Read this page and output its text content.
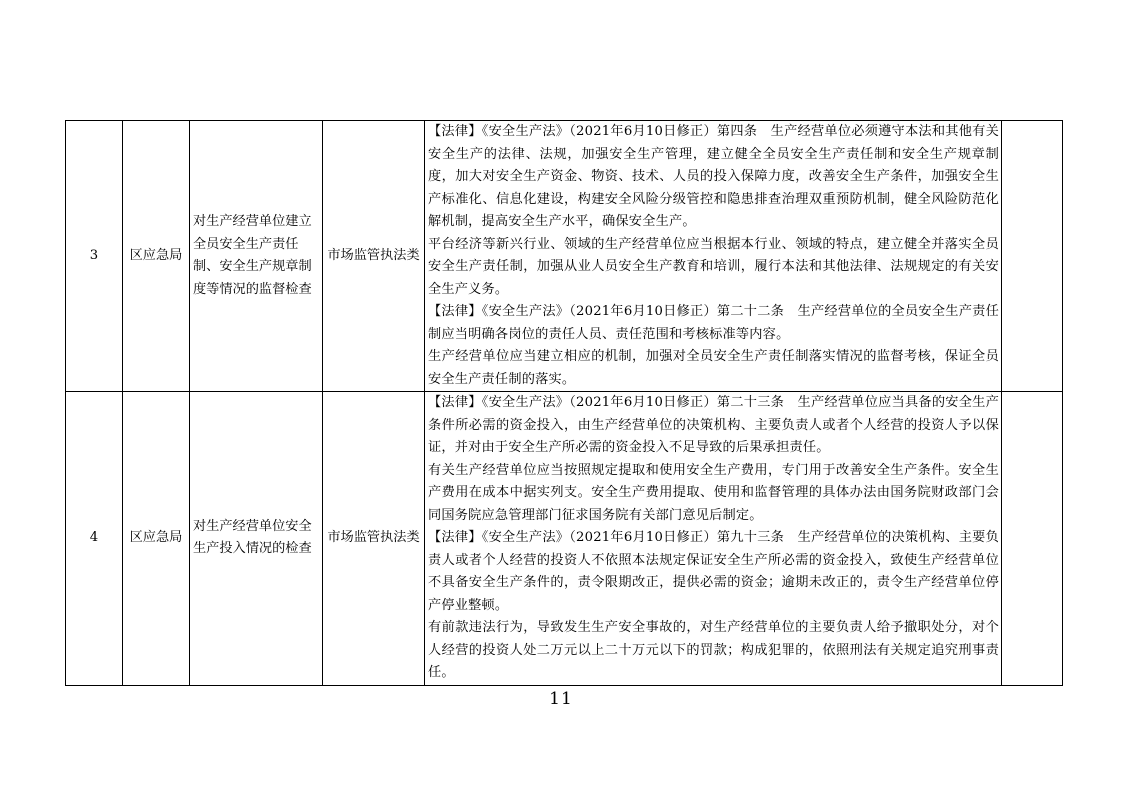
3	区应急局	对生产经营单位建立全员安全生产责任制、安全生产规章制度等情况的监督检查	市场监管执法类	【法律】《安全生产法》（2021年6月10日修正）第四条　生产经营单位必须遵守本法和其他有关安全生产的法律、法规，加强安全生产管理，建立健全全员安全生产责任制和安全生产规章制度，加大对安全生产资金、物资、技术、人员的投入保障力度，改善安全生产条件，加强安全生产标准化、信息化建设，构建安全风险分级管控和隐患排查治理双重预防机制，健全风险防范化解机制，提高安全生产水平，确保安全生产。

平台经济等新兴行业、领域的生产经营单位应当根据本行业、领域的特点，建立健全并落实全员安全生产责任制，加强从业人员安全生产教育和培训，履行本法和其他法律、法规规定的有关安全生产义务。

【法律】《安全生产法》（2021年6月10日修正）第二十二条　生产经营单位的全员安全生产责任制应当明确各岗位的责任人员、责任范围和考核标准等内容。

生产经营单位应当建立相应的机制，加强对全员安全生产责任制落实情况的监督考核，保证全员安全生产责任制的落实。	

4	区应急局	对生产经营单位安全生产投入情况的检查	市场监管执法类	【法律】《安全生产法》（2021年6月10日修正）第二十三条　生产经营单位应当具备的安全生产条件所必需的资金投入，由生产经营单位的决策机构、主要负责人或者个人经营的投资人予以保证，并对由于安全生产所必需的资金投入不足导致的后果承担责任。

有关生产经营单位应当按照规定提取和使用安全生产费用，专门用于改善安全生产条件。安全生产费用在成本中据实列支。安全生产费用提取、使用和监督管理的具体办法由国务院财政部门会同国务院应急管理部门征求国务院有关部门意见后制定。

【法律】《安全生产法》（2021年6月10日修正）第九十三条　生产经营单位的决策机构、主要负责人或者个人经营的投资人不依照本法规定保证安全生产所必需的资金投入，致使生产经营单位不具备安全生产条件的，责令限期改正，提供必需的资金；逾期未改正的，责令生产经营单位停产停业整顿。

有前款违法行为，导致发生生产安全事故的，对生产经营单位的主要负责人给予撤职处分，对个人经营的投资人处二万元以上二十万元以下的罚款；构成犯罪的，依照刑法有关规定追究刑事责任。	

11
